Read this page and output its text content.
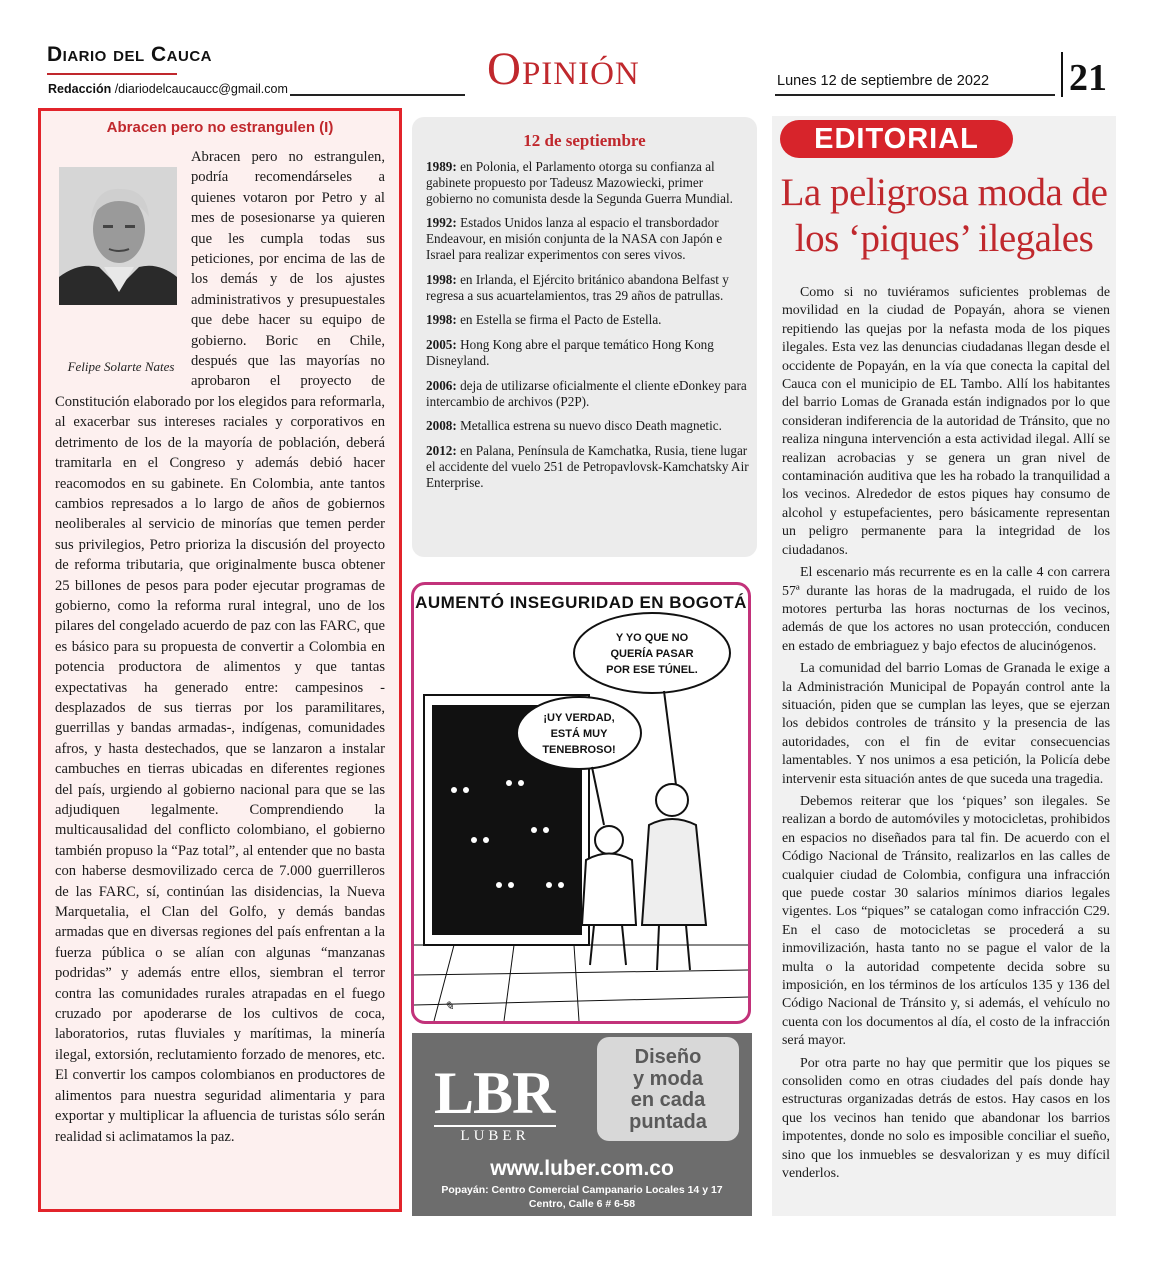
Diario del Cauca
Redacción /diariodelcaucaucc@gmail.com	Opinión	Lunes 12 de septiembre de 2022 21
Abracen pero no estrangulen (I)
Abracen pero no estrangulen, podría recomendárseles a quienes votaron por Petro y al mes de posesionarse ya quieren que les cumpla todas sus peticiones, por encima de las de los demás y de los ajustes administrativos y presupuestales que debe hacer su equipo de gobierno. Boric en Chile, después que las mayorías no aprobaron el proyecto de Constitución elaborado por los elegidos para reformarla, al exacerbar sus intereses raciales y corporativos en detrimento de los de la mayoría de población, deberá tramitarla en el Congreso y además debió hacer reacomodos en su gabinete. En Colombia, ante tantos cambios represados a lo largo de años de gobiernos neoliberales al servicio de minorías que temen perder sus privilegios, Petro prioriza la discusión del proyecto de reforma tributaria, que originalmente busca obtener 25 billones de pesos para poder ejecutar programas de gobierno, como la reforma rural integral, uno de los pilares del congelado acuerdo de paz con las FARC, que es básico para su propuesta de convertir a Colombia en potencia productora de alimentos y que tantas expectativas ha generado entre: campesinos -desplazados de sus tierras por los paramilitares, guerrillas y bandas armadas-, indígenas, comunidades afros, y hasta destechados, que se lanzaron a instalar cambuches en tierras ubicadas en diferentes regiones del país, urgiendo al gobierno nacional para que se las adjudiquen legalmente. Comprendiendo la multicausalidad del conflicto colombiano, el gobierno también propuso la “Paz total”, al entender que no basta con haberse desmovilizado cerca de 7.000 guerrilleros de las FARC, sí, continúan las disidencias, la Nueva Marquetalia, el Clan del Golfo, y demás bandas armadas que en diversas regiones del país enfrentan a la fuerza pública o se alían con algunas “manzanas podridas” y además entre ellos, siembran el terror contra las comunidades rurales atrapadas en el fuego cruzado por apoderarse de los cultivos de coca, laboratorios, rutas fluviales y marítimas, la minería ilegal, extorsión, reclutamiento forzado de menores, etc. El convertir los campos colombianos en productores de alimentos para nuestra seguridad alimentaria y para exportar y multiplicar la afluencia de turistas sólo serán realidad si aclimatamos la paz.
Felipe Solarte Nates
12 de septiembre

1989: en Polonia, el Parlamento otorga su confianza al gabinete propuesto por Tadeusz Mazowiecki, primer gobierno no comunista desde la Segunda Guerra Mundial.

1992: Estados Unidos lanza al espacio el transbordador Endeavour, en misión conjunta de la NASA con Japón e Israel para realizar experimentos con seres vivos.

1998: en Irlanda, el Ejército británico abandona Belfast y regresa a sus acuartelamientos, tras 29 años de patrullas.

1998: en Estella se firma el Pacto de Estella.

2005: Hong Kong abre el parque temático Hong Kong Disneyland.

2006: deja de utilizarse oficialmente el cliente eDonkey para intercambio de archivos (P2P).

2008: Metallica estrena su nuevo disco Death magnetic.

2012: en Palana, Península de Kamchatka, Rusia, tiene lugar el accidente del vuelo 251 de Petropavlovsk-Kamchatsky Air Enterprise.

AUMENTÓ INSEGURIDAD EN BOGOTÁ
Y YO QUE NO
QUERÍA PASAR
POR ESE TÚNEL.
¡UY VERDAD,
ESTÁ MUY
TENEBROSO!
✎
LBR
LUBER
Diseño
y moda
en cada
puntada
www.luber.com.co
Popayán: Centro Comercial Campanario Locales 14 y 17
Centro, Calle 6 # 6-58
EDITORIAL
La peligrosa moda de
los ‘piques’ ilegales

Como si no tuviéramos suficientes problemas de movilidad en la ciudad de Popayán, ahora se vienen repitiendo las quejas por la nefasta moda de los piques ilegales. Esta vez las denuncias ciudadanas llegan desde el occidente de Popayán, en la vía que conecta la capital del Cauca con el municipio de EL Tambo. Allí los habitantes del barrio Lomas de Granada están indignados por lo que consideran indiferencia de la autoridad de Tránsito, que no realiza ninguna intervención a esta actividad ilegal. Allí se realizan acrobacias y se genera un gran nivel de contaminación auditiva que les ha robado la tranquilidad a los vecinos. Alrededor de estos piques hay consumo de alcohol y estupefacientes, pero básicamente representan un peligro permanente para la integridad de los ciudadanos.

El escenario más recurrente es en la calle 4 con carrera 57ª durante las horas de la madrugada, el ruido de los motores perturba las horas nocturnas de los vecinos, además de que los actores no usan protección, conducen en estado de embriaguez y bajo efectos de alucinógenos.

La comunidad del barrio Lomas de Granada le exige a la Administración Municipal de Popayán control ante la situación, piden que se cumplan las leyes, que se ejerzan los debidos controles de tránsito y la presencia de las autoridades, con el fin de evitar consecuencias lamentables. Y nos unimos a esa petición, la Policía debe intervenir esta situación antes de que suceda una tragedia.

Debemos reiterar que los ‘piques’ son ilegales. Se realizan a bordo de automóviles y motocicletas, prohibidos en espacios no diseñados para tal fin. De acuerdo con el Código Nacional de Tránsito, realizarlos en las calles de cualquier ciudad de Colombia, configura una infracción que puede costar 30 salarios mínimos diarios legales vigentes. Los “piques” se catalogan como infracción C29. En el caso de motocicletas se procederá a su inmovilización, hasta tanto no se pague el valor de la multa o la autoridad competente decida sobre su imposición, en los términos de los artículos 135 y 136 del Código Nacional de Tránsito y, si además, el vehículo no cuenta con los documentos al día, el costo de la infracción será mayor.

Por otra parte no hay que permitir que los piques se consoliden como en otras ciudades del país donde hay estructuras organizadas detrás de estos. Hay casos en los que los vecinos han tenido que abandonar los barrios impotentes, donde no solo es imposible conciliar el sueño, sino que los inmuebles se desvalorizan y es muy difícil venderlos.
